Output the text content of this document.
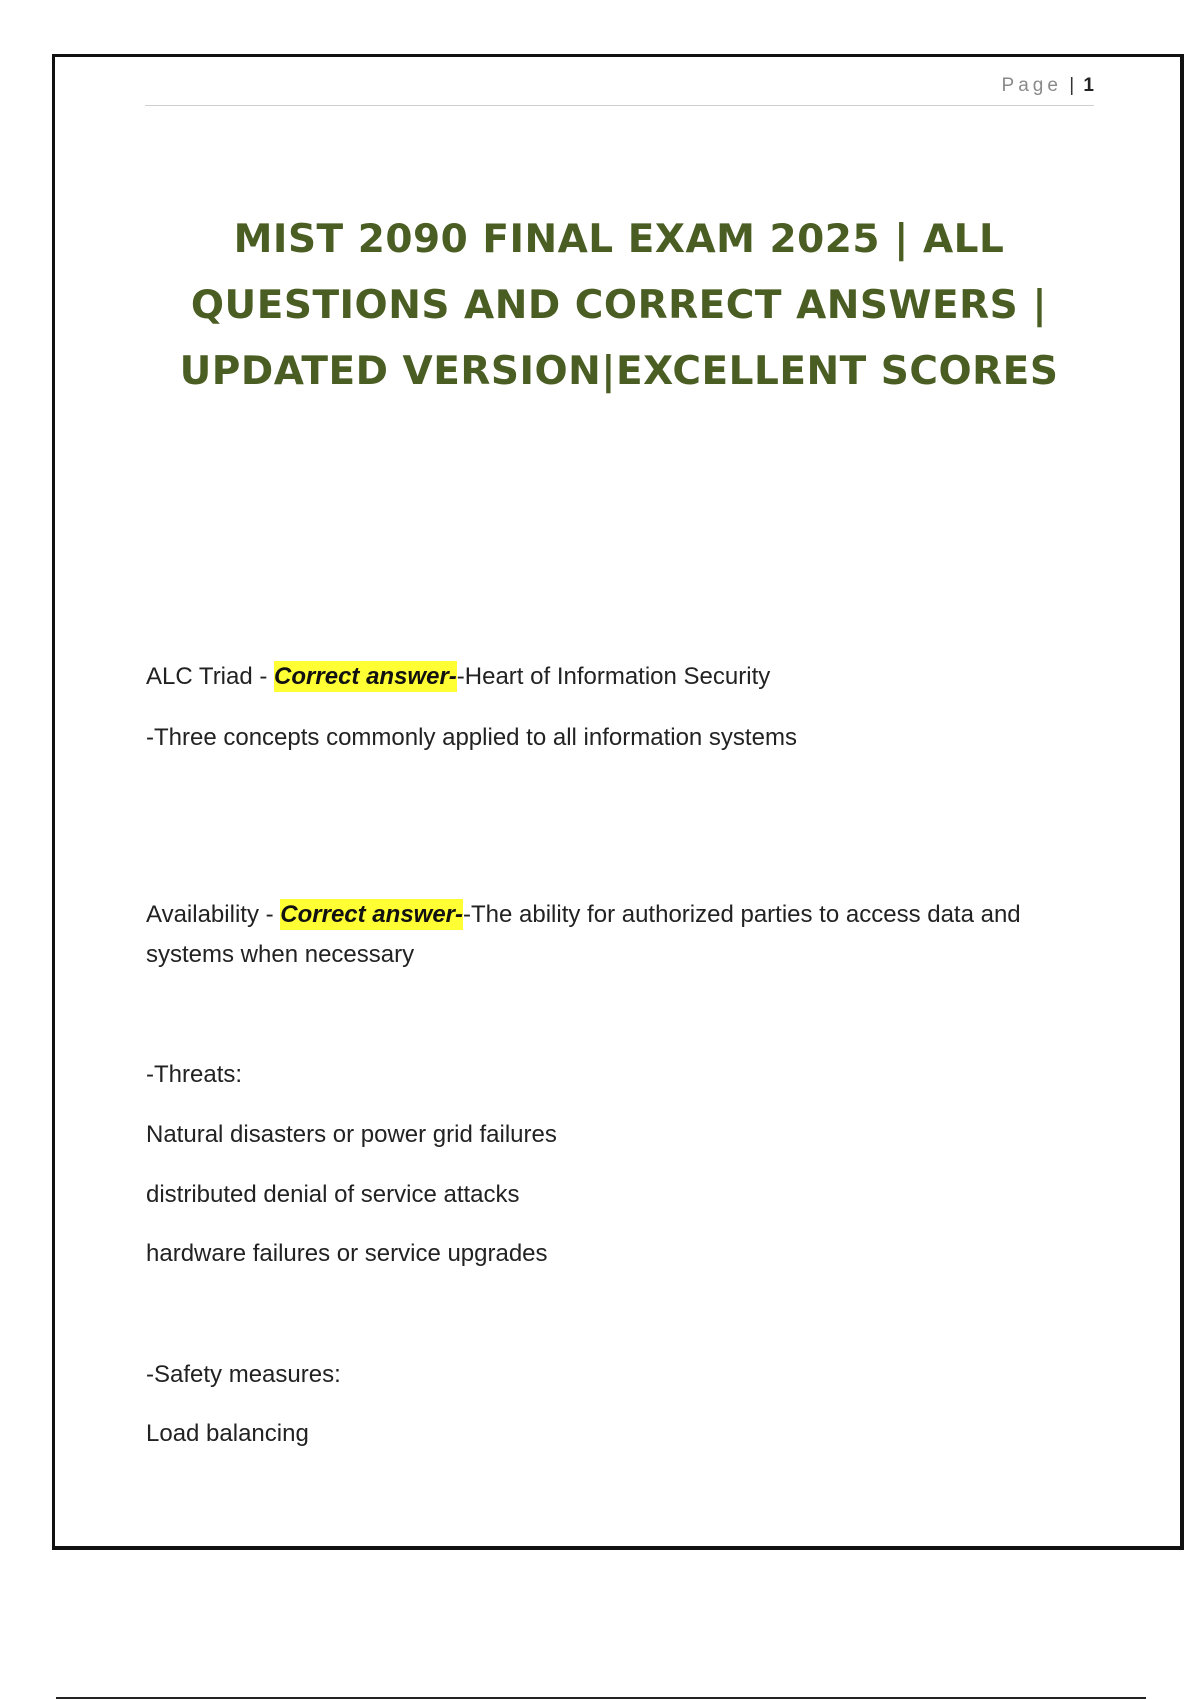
Page | 1
MIST 2090 FINAL EXAM 2025 | ALL
QUESTIONS AND CORRECT ANSWERS |
UPDATED VERSION|EXCELLENT SCORES
ALC Triad - Correct answer--Heart of Information Security
-Three concepts commonly applied to all information systems
Availability - Correct answer--The ability for authorized parties to access data and systems when necessary
-Threats:
Natural disasters or power grid failures
distributed denial of service attacks
hardware failures or service upgrades
-Safety measures:
Load balancing
